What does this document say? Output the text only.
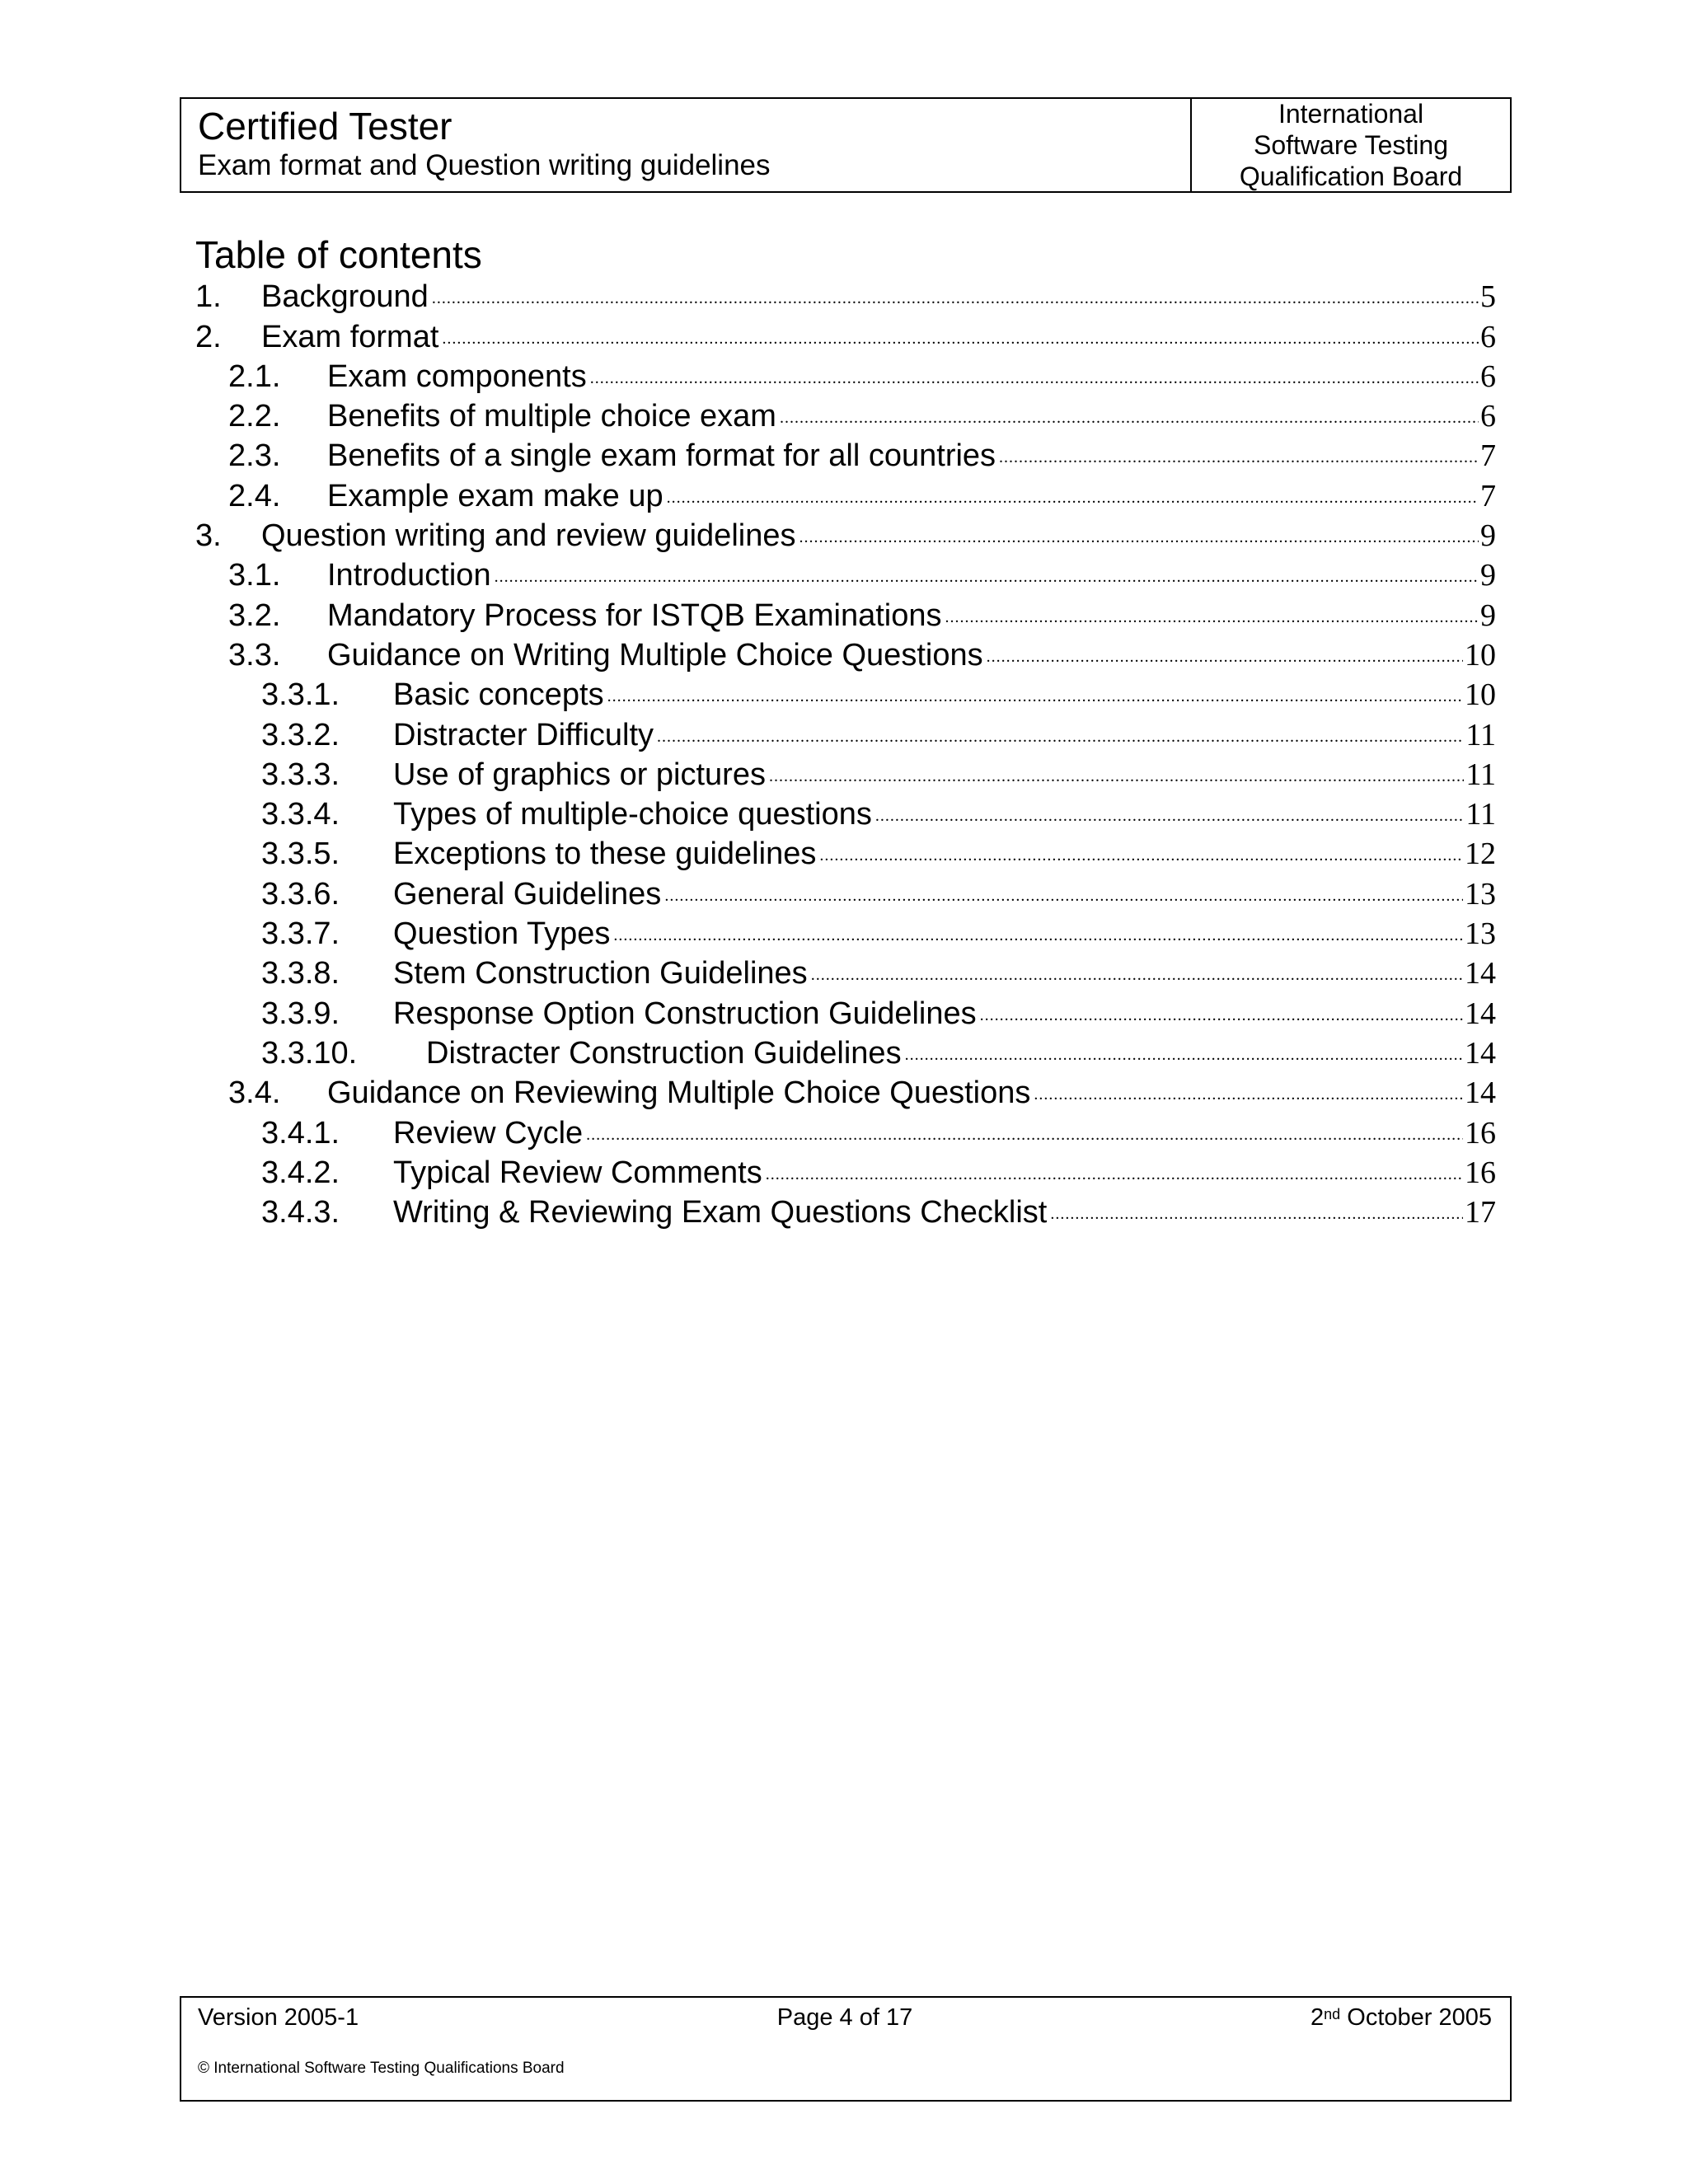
Certified Tester
Exam format and Question writing guidelines
International
Software Testing
Qualification Board
Table of contents
1.	Background .....	5
2.	Exam format .....	6
2.1.	Exam components .....	6
2.2.	Benefits of multiple choice exam .....	6
2.3.	Benefits of a single exam format for all countries .....	7
2.4.	Example exam make up .....	7
3.	Question writing and review guidelines .....	9
3.1.	Introduction .....	9
3.2.	Mandatory Process for ISTQB Examinations .....	9
3.3.	Guidance on Writing Multiple Choice Questions .....	10
3.3.1.	Basic concepts .....	10
3.3.2.	Distracter Difficulty .....	11
3.3.3.	Use of graphics or pictures .....	11
3.3.4.	Types of multiple-choice questions .....	11
3.3.5.	Exceptions to these guidelines .....	12
3.3.6.	General Guidelines .....	13
3.3.7.	Question Types .....	13
3.3.8.	Stem Construction Guidelines .....	14
3.3.9.	Response Option Construction Guidelines .....	14
3.3.10.	Distracter Construction Guidelines .....	14
3.4.	Guidance on Reviewing Multiple Choice Questions .....	14
3.4.1.	Review Cycle .....	16
3.4.2.	Typical Review Comments .....	16
3.4.3.	Writing & Reviewing Exam Questions Checklist .....	17
Version 2005-1	Page 4 of 17	2nd October 2005
© International Software Testing Qualifications Board
